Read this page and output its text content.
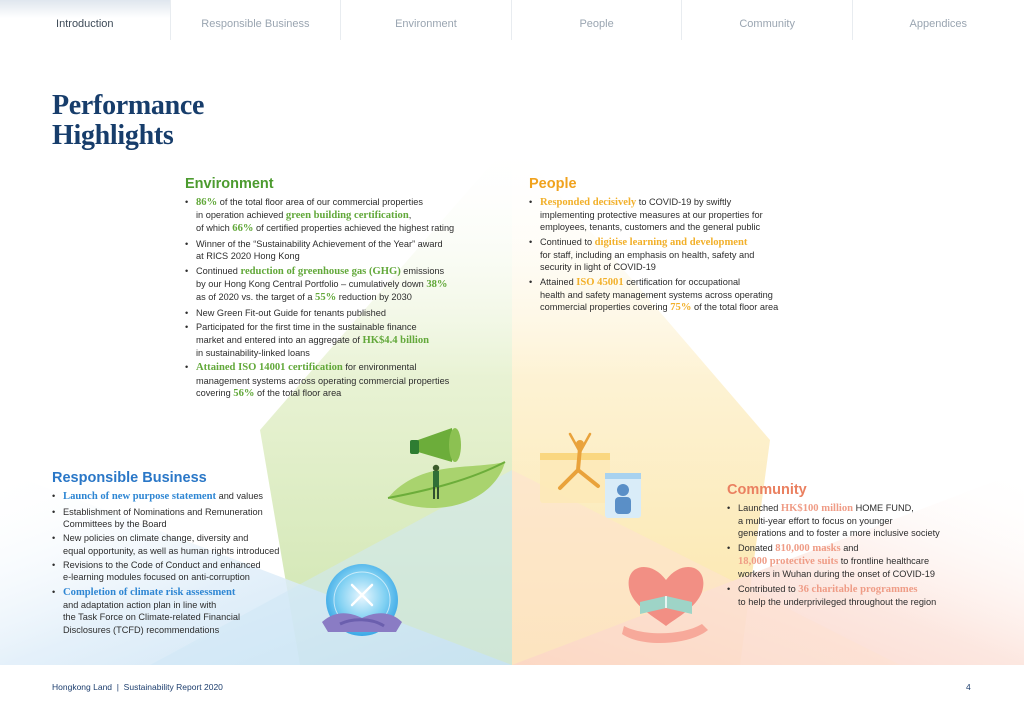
Introduction	Responsible Business	Environment	People	Community	Appendices
Performance
Highlights
Environment
• 86% of the total floor area of our commercial properties
in operation achieved green building certification,
of which 66% of certified properties achieved the highest rating
• Winner of the “Sustainability Achievement of the Year” award
at RICS 2020 Hong Kong
• Continued reduction of greenhouse gas (GHG) emissions
by our Hong Kong Central Portfolio – cumulatively down 38%
as of 2020 vs. the target of a 55% reduction by 2030
• New Green Fit-out Guide for tenants published
• Participated for the first time in the sustainable finance
market and entered into an aggregate of HK$4.4 billion
in sustainability-linked loans
• Attained ISO 14001 certification for environmental
management systems across operating commercial properties
covering 56% of the total floor area
People
• Responded decisively to COVID-19 by swiftly
implementing protective measures at our properties for
employees, tenants, customers and the general public
• Continued to digitise learning and development
for staff, including an emphasis on health, safety and
security in light of COVID-19
• Attained ISO 45001 certification for occupational
health and safety management systems across operating
commercial properties covering 75% of the total floor area
Responsible Business
• Launch of new purpose statement and values
• Establishment of Nominations and Remuneration
Committees by the Board
• New policies on climate change, diversity and
equal opportunity, as well as human rights introduced
• Revisions to the Code of Conduct and enhanced
e-learning modules focused on anti-corruption
• Completion of climate risk assessment
and adaptation action plan in line with
the Task Force on Climate-related Financial
Disclosures (TCFD) recommendations
Community
• Launched HK$100 million HOME FUND,
a multi-year effort to focus on younger
generations and to foster a more inclusive society
• Donated 810,000 masks and
18,000 protective suits to frontline healthcare
workers in Wuhan during the onset of COVID-19
• Contributed to 36 charitable programmes
to help the underprivileged throughout the region
Hongkong Land  |  Sustainability Report 2020	4
